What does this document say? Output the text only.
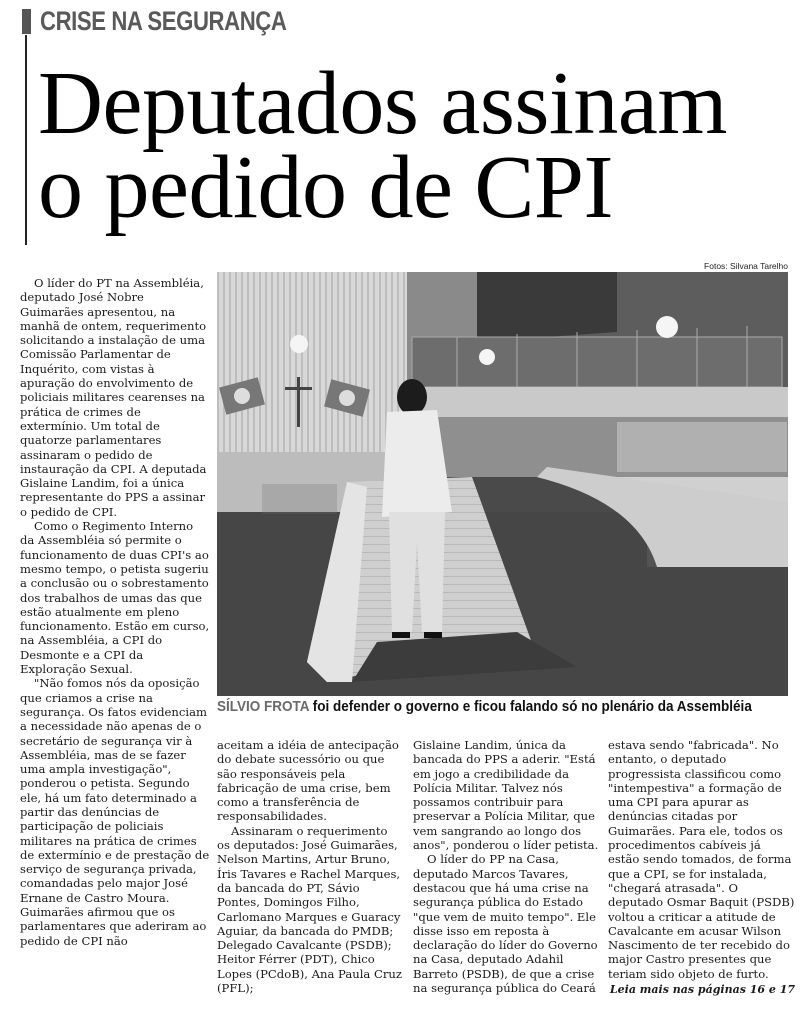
CRISE NA SEGURANÇA
Deputados assinam
o pedido de CPI
Fotos: Silvana Tarelho
SÍLVIO FROTA foi defender o governo e ficou falando só no plenário da Assembléia

O líder do PT na Assembléia, deputado José Nobre Guimarães apresentou, na manhã de ontem, requerimento solicitando a instalação de uma Comissão Parlamentar de Inquérito, com vistas à apuração do envolvimento de policiais militares cearenses na prática de crimes de extermínio. Um total de quatorze parlamentares assinaram o pedido de instauração da CPI. A deputada Gislaine Landim, foi a única representante do PPS a assinar o pedido de CPI.

Como o Regimento Interno da Assembléia só permite o funcionamento de duas CPI's ao mesmo tempo, o petista sugeriu a conclusão ou o sobrestamento dos trabalhos de umas das que estão atualmente em pleno funcionamento. Estão em curso, na Assembléia, a CPI do Desmonte e a CPI da Exploração Sexual.

"Não fomos nós da oposição que criamos a crise na segurança. Os fatos evidenciam a necessidade não apenas de o secretário de segurança vir à Assembléia, mas de se fazer uma ampla investigação", ponderou o petista. Segundo ele, há um fato determinado a partir das denúncias de participação de policiais militares na prática de crimes de extermínio e de prestação de serviço de segurança privada, comandadas pelo major José Ernane de Castro Moura. Guimarães afirmou que os parlamentares que aderiram ao pedido de CPI não

aceitam a idéia de antecipação do debate sucessório ou que são responsáveis pela fabricação de uma crise, bem como a transferência de responsabilidades.

Assinaram o requerimento os deputados: José Guimarães, Nelson Martins, Artur Bruno, Íris Tavares e Rachel Marques, da bancada do PT, Sávio Pontes, Domingos Filho, Carlomano Marques e Guaracy Aguiar, da bancada do PMDB; Delegado Cavalcante (PSDB); Heitor Férrer (PDT), Chico Lopes (PCdoB), Ana Paula Cruz (PFL);

Gislaine Landim, única da bancada do PPS a aderir. "Está em jogo a credibilidade da Polícia Militar. Talvez nós possamos contribuir para preservar a Polícia Militar, que vem sangrando ao longo dos anos", ponderou o líder petista.

O líder do PP na Casa, deputado Marcos Tavares, destacou que há uma crise na segurança pública do Estado "que vem de muito tempo". Ele disse isso em reposta à declaração do líder do Governo na Casa, deputado Adahil Barreto (PSDB), de que a crise na segurança pública do Ceará

estava sendo "fabricada". No entanto, o deputado progressista classificou como "intempestiva" a formação de uma CPI para apurar as denúncias citadas por Guimarães. Para ele, todos os procedimentos cabíveis já estão sendo tomados, de forma que a CPI, se for instalada, "chegará atrasada". O deputado Osmar Baquit (PSDB) voltou a criticar a atitude de Cavalcante em acusar Wilson Nascimento de ter recebido do major Castro presentes que teriam sido objeto de furto.

Leia mais nas páginas 16 e 17
